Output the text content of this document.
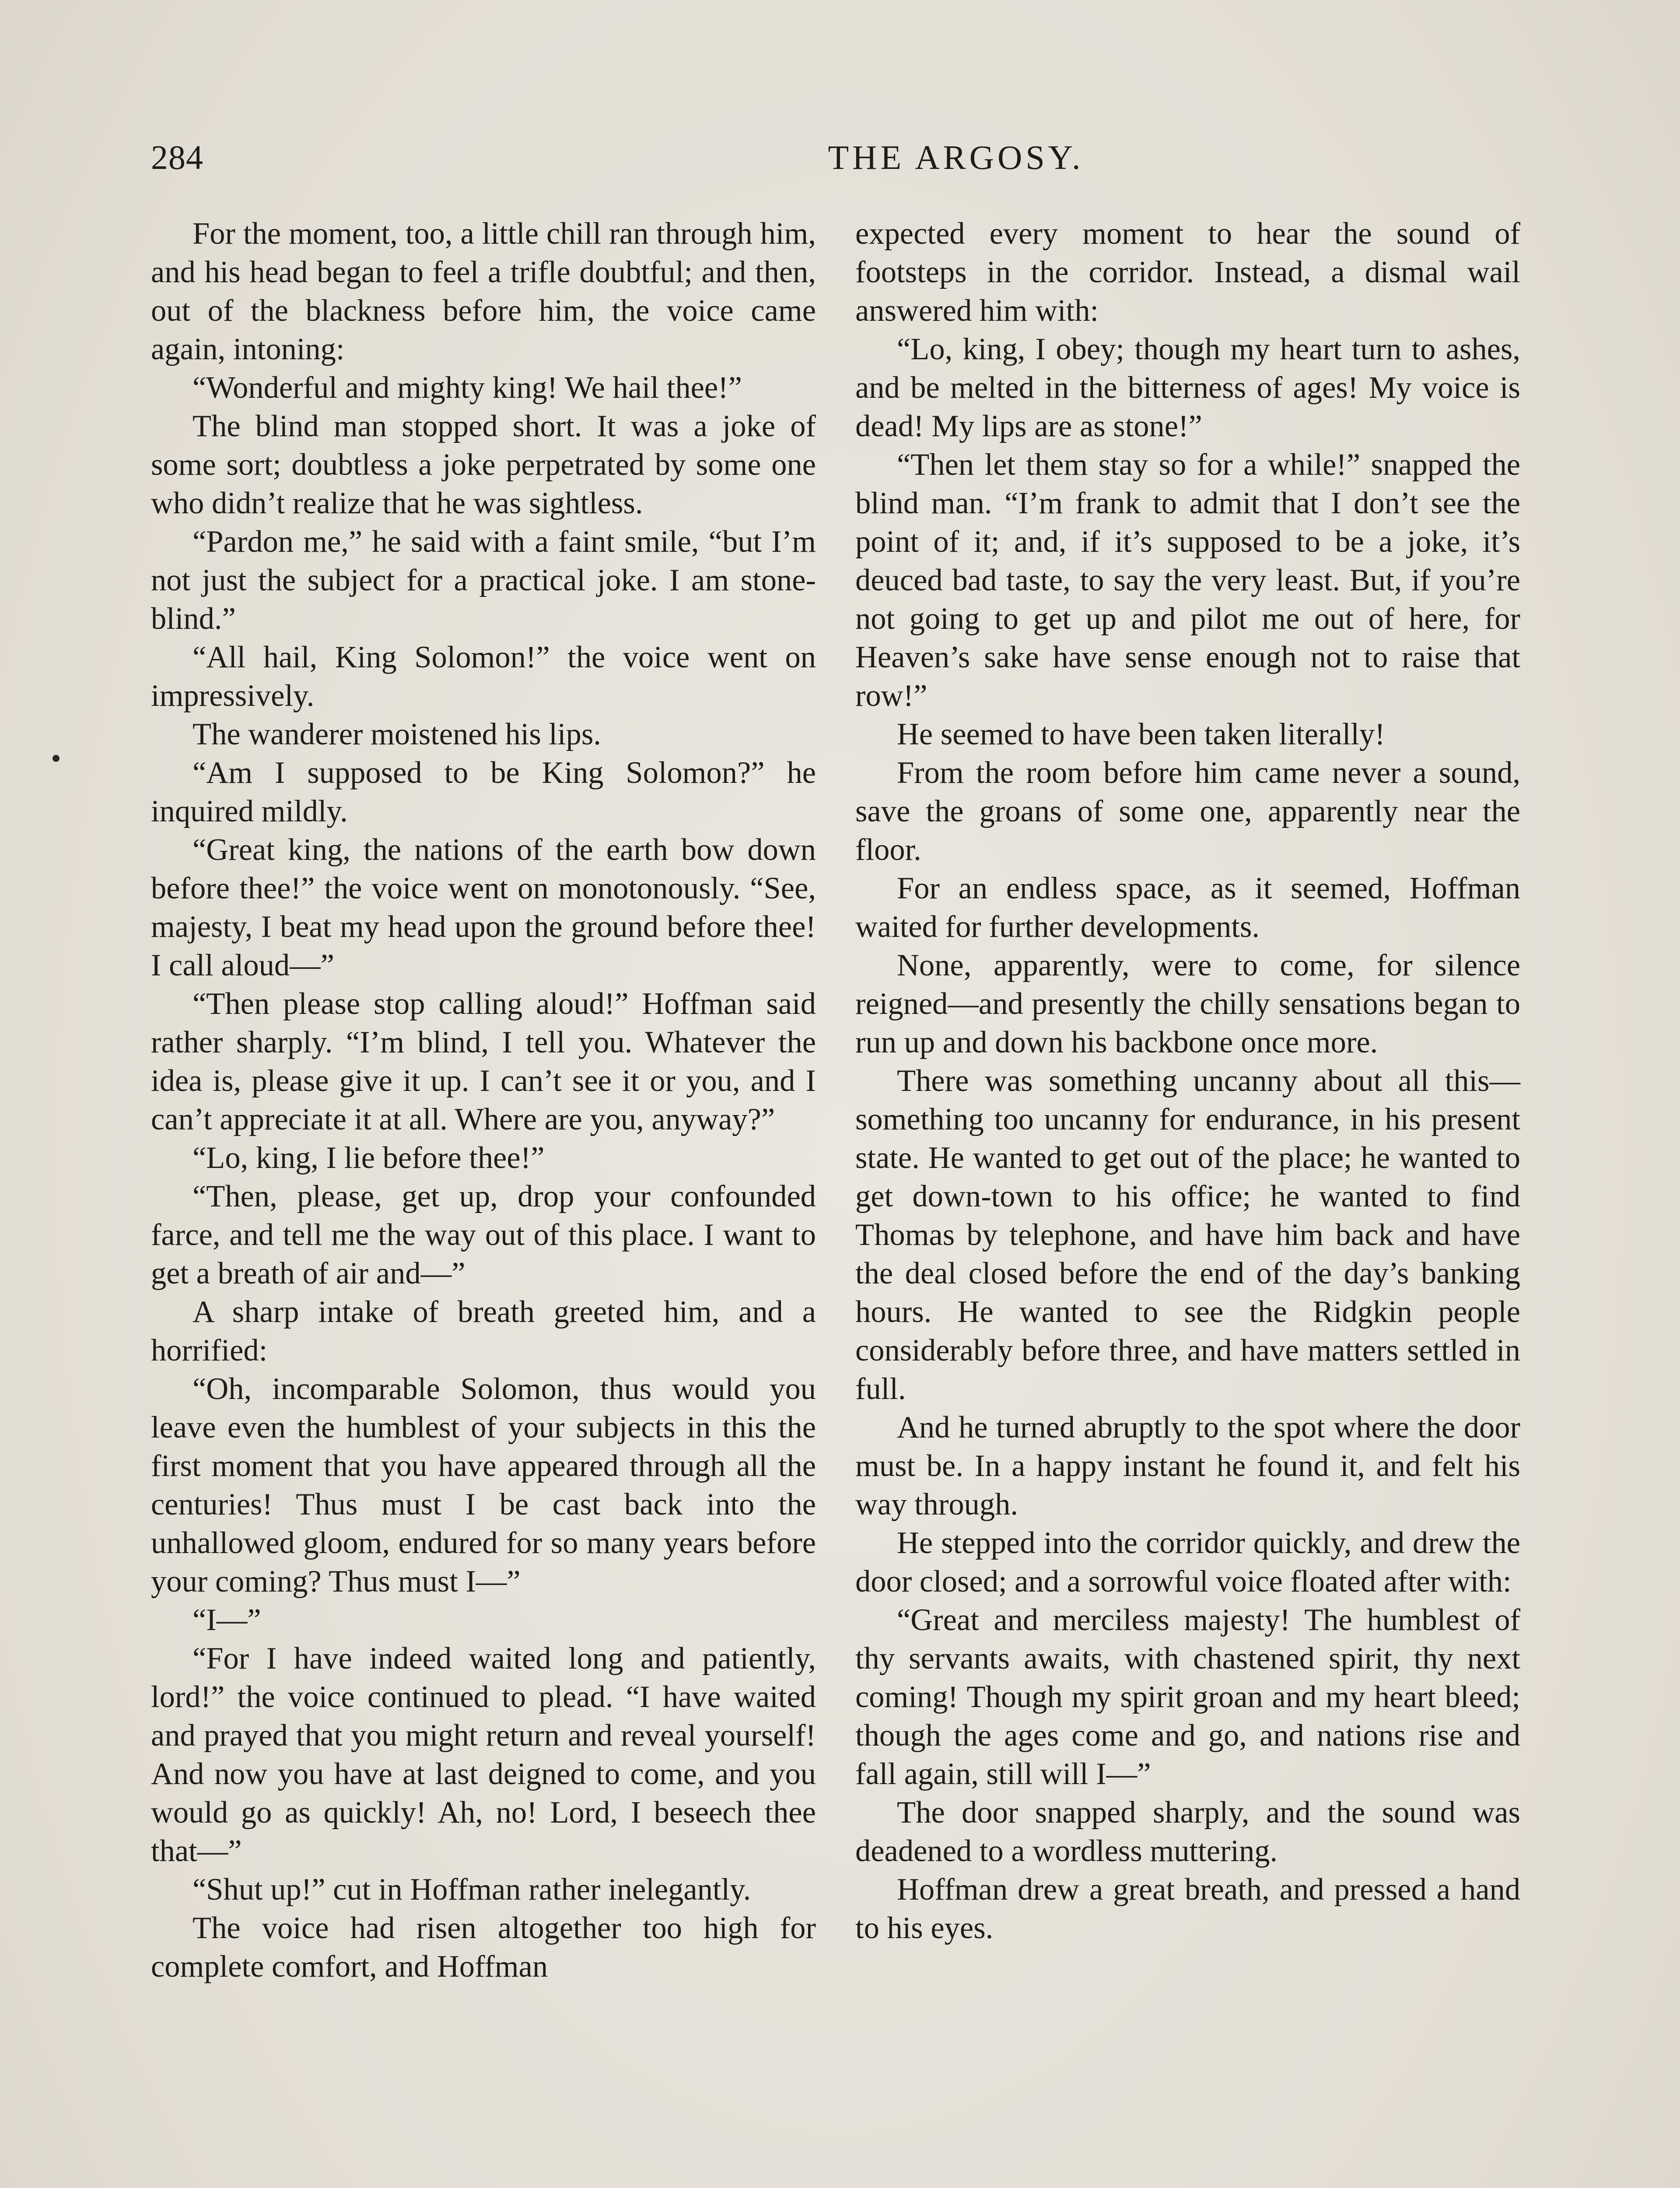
284	THE ARGOSY.

For the moment, too, a little chill ran through him, and his head began to feel a trifle doubtful; and then, out of the blackness before him, the voice came again, intoning:

“Wonderful and mighty king! We hail thee!”

The blind man stopped short. It was a joke of some sort; doubtless a joke perpetrated by some one who didn’t realize that he was sightless.

“Pardon me,” he said with a faint smile, “but I’m not just the subject for a practical joke. I am stone-blind.”

“All hail, King Solomon!” the voice went on impressively.

The wanderer moistened his lips.

“Am I supposed to be King Solomon?” he inquired mildly.

“Great king, the nations of the earth bow down before thee!” the voice went on monotonously. “See, majesty, I beat my head upon the ground before thee! I call aloud—”

“Then please stop calling aloud!” Hoffman said rather sharply. “I’m blind, I tell you. Whatever the idea is, please give it up. I can’t see it or you, and I can’t appreciate it at all. Where are you, anyway?”

“Lo, king, I lie before thee!”

“Then, please, get up, drop your confounded farce, and tell me the way out of this place. I want to get a breath of air and—”

A sharp intake of breath greeted him, and a horrified:

“Oh, incomparable Solomon, thus would you leave even the humblest of your subjects in this the first moment that you have appeared through all the centuries! Thus must I be cast back into the unhallowed gloom, endured for so many years before your coming? Thus must I—”

“I—”

“For I have indeed waited long and patiently, lord!” the voice continued to plead. “I have waited and prayed that you might return and reveal yourself! And now you have at last deigned to come, and you would go as quickly! Ah, no! Lord, I beseech thee that—”

“Shut up!” cut in Hoffman rather inelegantly.

The voice had risen altogether too high for complete comfort, and Hoffman

expected every moment to hear the sound of footsteps in the corridor. Instead, a dismal wail answered him with:

“Lo, king, I obey; though my heart turn to ashes, and be melted in the bitterness of ages! My voice is dead! My lips are as stone!”

“Then let them stay so for a while!” snapped the blind man. “I’m frank to admit that I don’t see the point of it; and, if it’s supposed to be a joke, it’s deuced bad taste, to say the very least. But, if you’re not going to get up and pilot me out of here, for Heaven’s sake have sense enough not to raise that row!”

He seemed to have been taken literally!

From the room before him came never a sound, save the groans of some one, apparently near the floor.

For an endless space, as it seemed, Hoffman waited for further developments.

None, apparently, were to come, for silence reigned—and presently the chilly sensations began to run up and down his backbone once more.

There was something uncanny about all this—something too uncanny for endurance, in his present state. He wanted to get out of the place; he wanted to get down-town to his office; he wanted to find Thomas by telephone, and have him back and have the deal closed before the end of the day’s banking hours. He wanted to see the Ridgkin people considerably before three, and have matters settled in full.

And he turned abruptly to the spot where the door must be. In a happy instant he found it, and felt his way through.

He stepped into the corridor quickly, and drew the door closed; and a sorrowful voice floated after with:

“Great and merciless majesty! The humblest of thy servants awaits, with chastened spirit, thy next coming! Though my spirit groan and my heart bleed; though the ages come and go, and nations rise and fall again, still will I—”

The door snapped sharply, and the sound was deadened to a wordless muttering.

Hoffman drew a great breath, and pressed a hand to his eyes.
